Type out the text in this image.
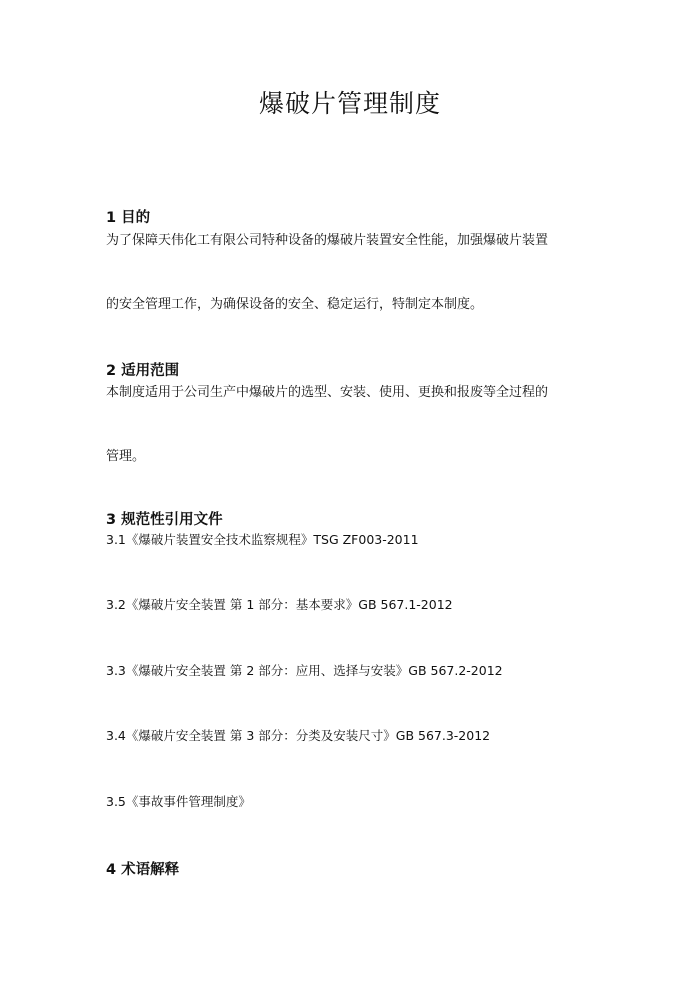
爆破片管理制度
1 目的
为了保障天伟化工有限公司特种设备的爆破片装置安全性能，加强爆破片装置
的安全管理工作，为确保设备的安全、稳定运行，特制定本制度。
2 适用范围
本制度适用于公司生产中爆破片的选型、安装、使用、更换和报废等全过程的
管理。
3 规范性引用文件
3.1《爆破片装置安全技术监察规程》TSG ZF003-2011
3.2《爆破片安全装置 第 1 部分：基本要求》GB 567.1-2012
3.3《爆破片安全装置 第 2 部分：应用、选择与安装》GB 567.2-2012
3.4《爆破片安全装置 第 3 部分：分类及安装尺寸》GB 567.3-2012
3.5《事故事件管理制度》
4 术语解释
